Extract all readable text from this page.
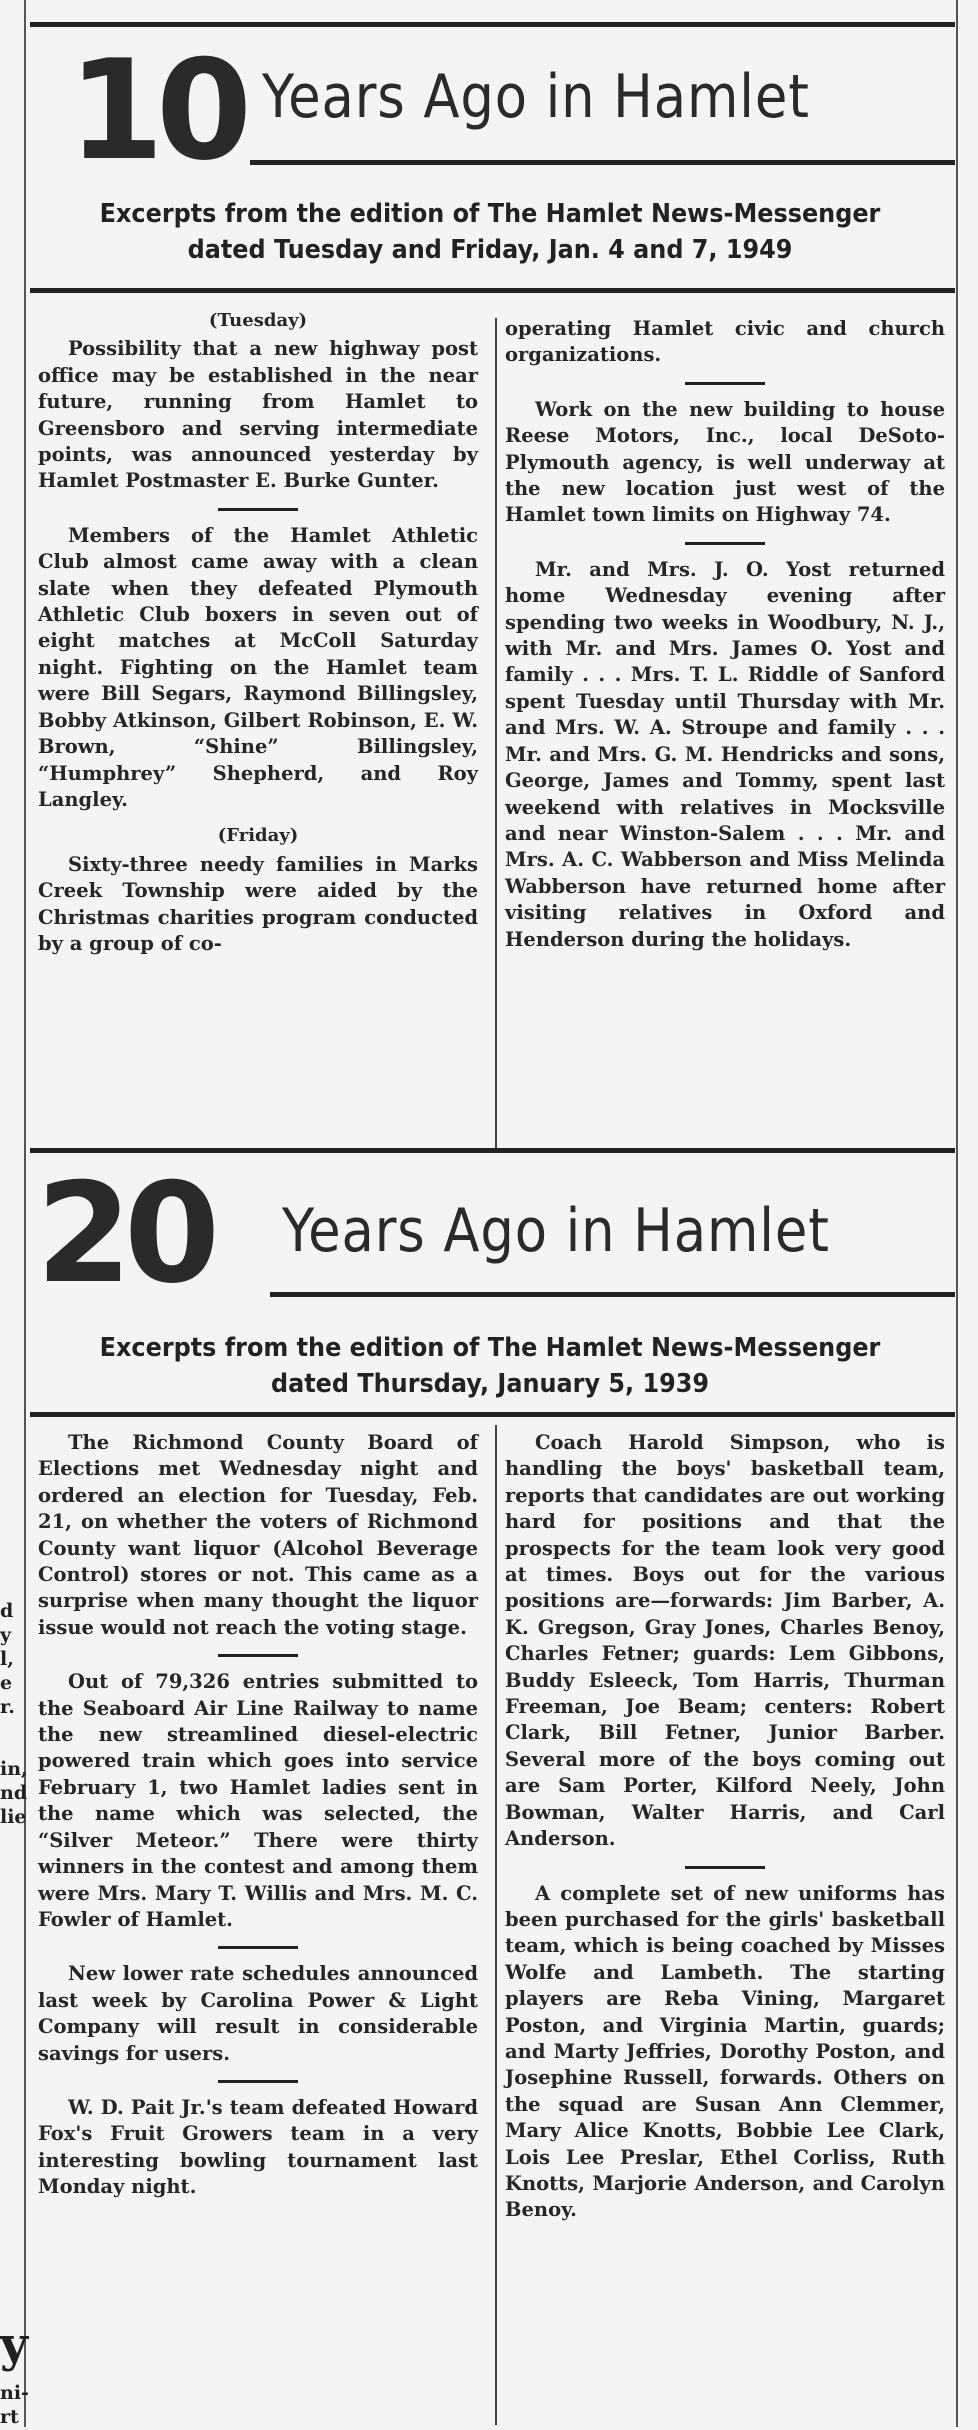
10 Years Ago in Hamlet
Excerpts from the edition of The Hamlet News-Messenger
dated Tuesday and Friday, Jan. 4 and 7, 1949

(Tuesday)

Possibility that a new highway post office may be established in the near future, running from Hamlet to Greensboro and serving intermediate points, was announced yesterday by Hamlet Postmaster E. Burke Gunter.

Members of the Hamlet Athletic Club almost came away with a clean slate when they defeated Plymouth Athletic Club boxers in seven out of eight matches at McColl Saturday night. Fighting on the Hamlet team were Bill Segars, Raymond Billingsley, Bobby Atkinson, Gilbert Robinson, E. W. Brown, “Shine” Billingsley, “Humphrey” Shepherd, and Roy Langley.

(Friday)

Sixty-three needy families in Marks Creek Township were aided by the Christmas charities program conducted by a group of co-

operating Hamlet civic and church organizations.

Work on the new building to house Reese Motors, Inc., local DeSoto-Plymouth agency, is well underway at the new location just west of the Hamlet town limits on Highway 74.

Mr. and Mrs. J. O. Yost returned home Wednesday evening after spending two weeks in Woodbury, N. J., with Mr. and Mrs. James O. Yost and family . . . Mrs. T. L. Riddle of Sanford spent Tuesday until Thursday with Mr. and Mrs. W. A. Stroupe and family . . . Mr. and Mrs. G. M. Hendricks and sons, George, James and Tommy, spent last weekend with relatives in Mocksville and near Winston-Salem . . . Mr. and Mrs. A. C. Wabberson and Miss Melinda Wabberson have returned home after visiting relatives in Oxford and Henderson during the holidays.

20 Years Ago in Hamlet
Excerpts from the edition of The Hamlet News-Messenger
dated Thursday, January 5, 1939

The Richmond County Board of Elections met Wednesday night and ordered an election for Tuesday, Feb. 21, on whether the voters of Richmond County want liquor (Alcohol Beverage Control) stores or not. This came as a surprise when many thought the liquor issue would not reach the voting stage.

Out of 79,326 entries submitted to the Seaboard Air Line Railway to name the new streamlined diesel-electric powered train which goes into service February 1, two Hamlet ladies sent in the name which was selected, the “Silver Meteor.” There were thirty winners in the contest and among them were Mrs. Mary T. Willis and Mrs. M. C. Fowler of Hamlet.

New lower rate schedules announced last week by Carolina Power & Light Company will result in considerable savings for users.

W. D. Pait Jr.'s team defeated Howard Fox's Fruit Growers team in a very interesting bowling tournament last Monday night.

Coach Harold Simpson, who is handling the boys' basketball team, reports that candidates are out working hard for positions and that the prospects for the team look very good at times. Boys out for the various positions are—forwards: Jim Barber, A. K. Gregson, Gray Jones, Charles Benoy, Charles Fetner; guards: Lem Gibbons, Buddy Esleeck, Tom Harris, Thurman Freeman, Joe Beam; centers: Robert Clark, Bill Fetner, Junior Barber. Several more of the boys coming out are Sam Porter, Kilford Neely, John Bowman, Walter Harris, and Carl Anderson.

A complete set of new uniforms has been purchased for the girls' basketball team, which is being coached by Misses Wolfe and Lambeth. The starting players are Reba Vining, Margaret Poston, and Virginia Martin, guards; and Marty Jeffries, Dorothy Poston, and Josephine Russell, forwards. Others on the squad are Susan Ann Clemmer, Mary Alice Knotts, Bobbie Lee Clark, Lois Lee Preslar, Ethel Corliss, Ruth Knotts, Marjorie Anderson, and Carolyn Benoy.

d
y
l,
e
r.
in,
nd
lie
y
ni-
rt
